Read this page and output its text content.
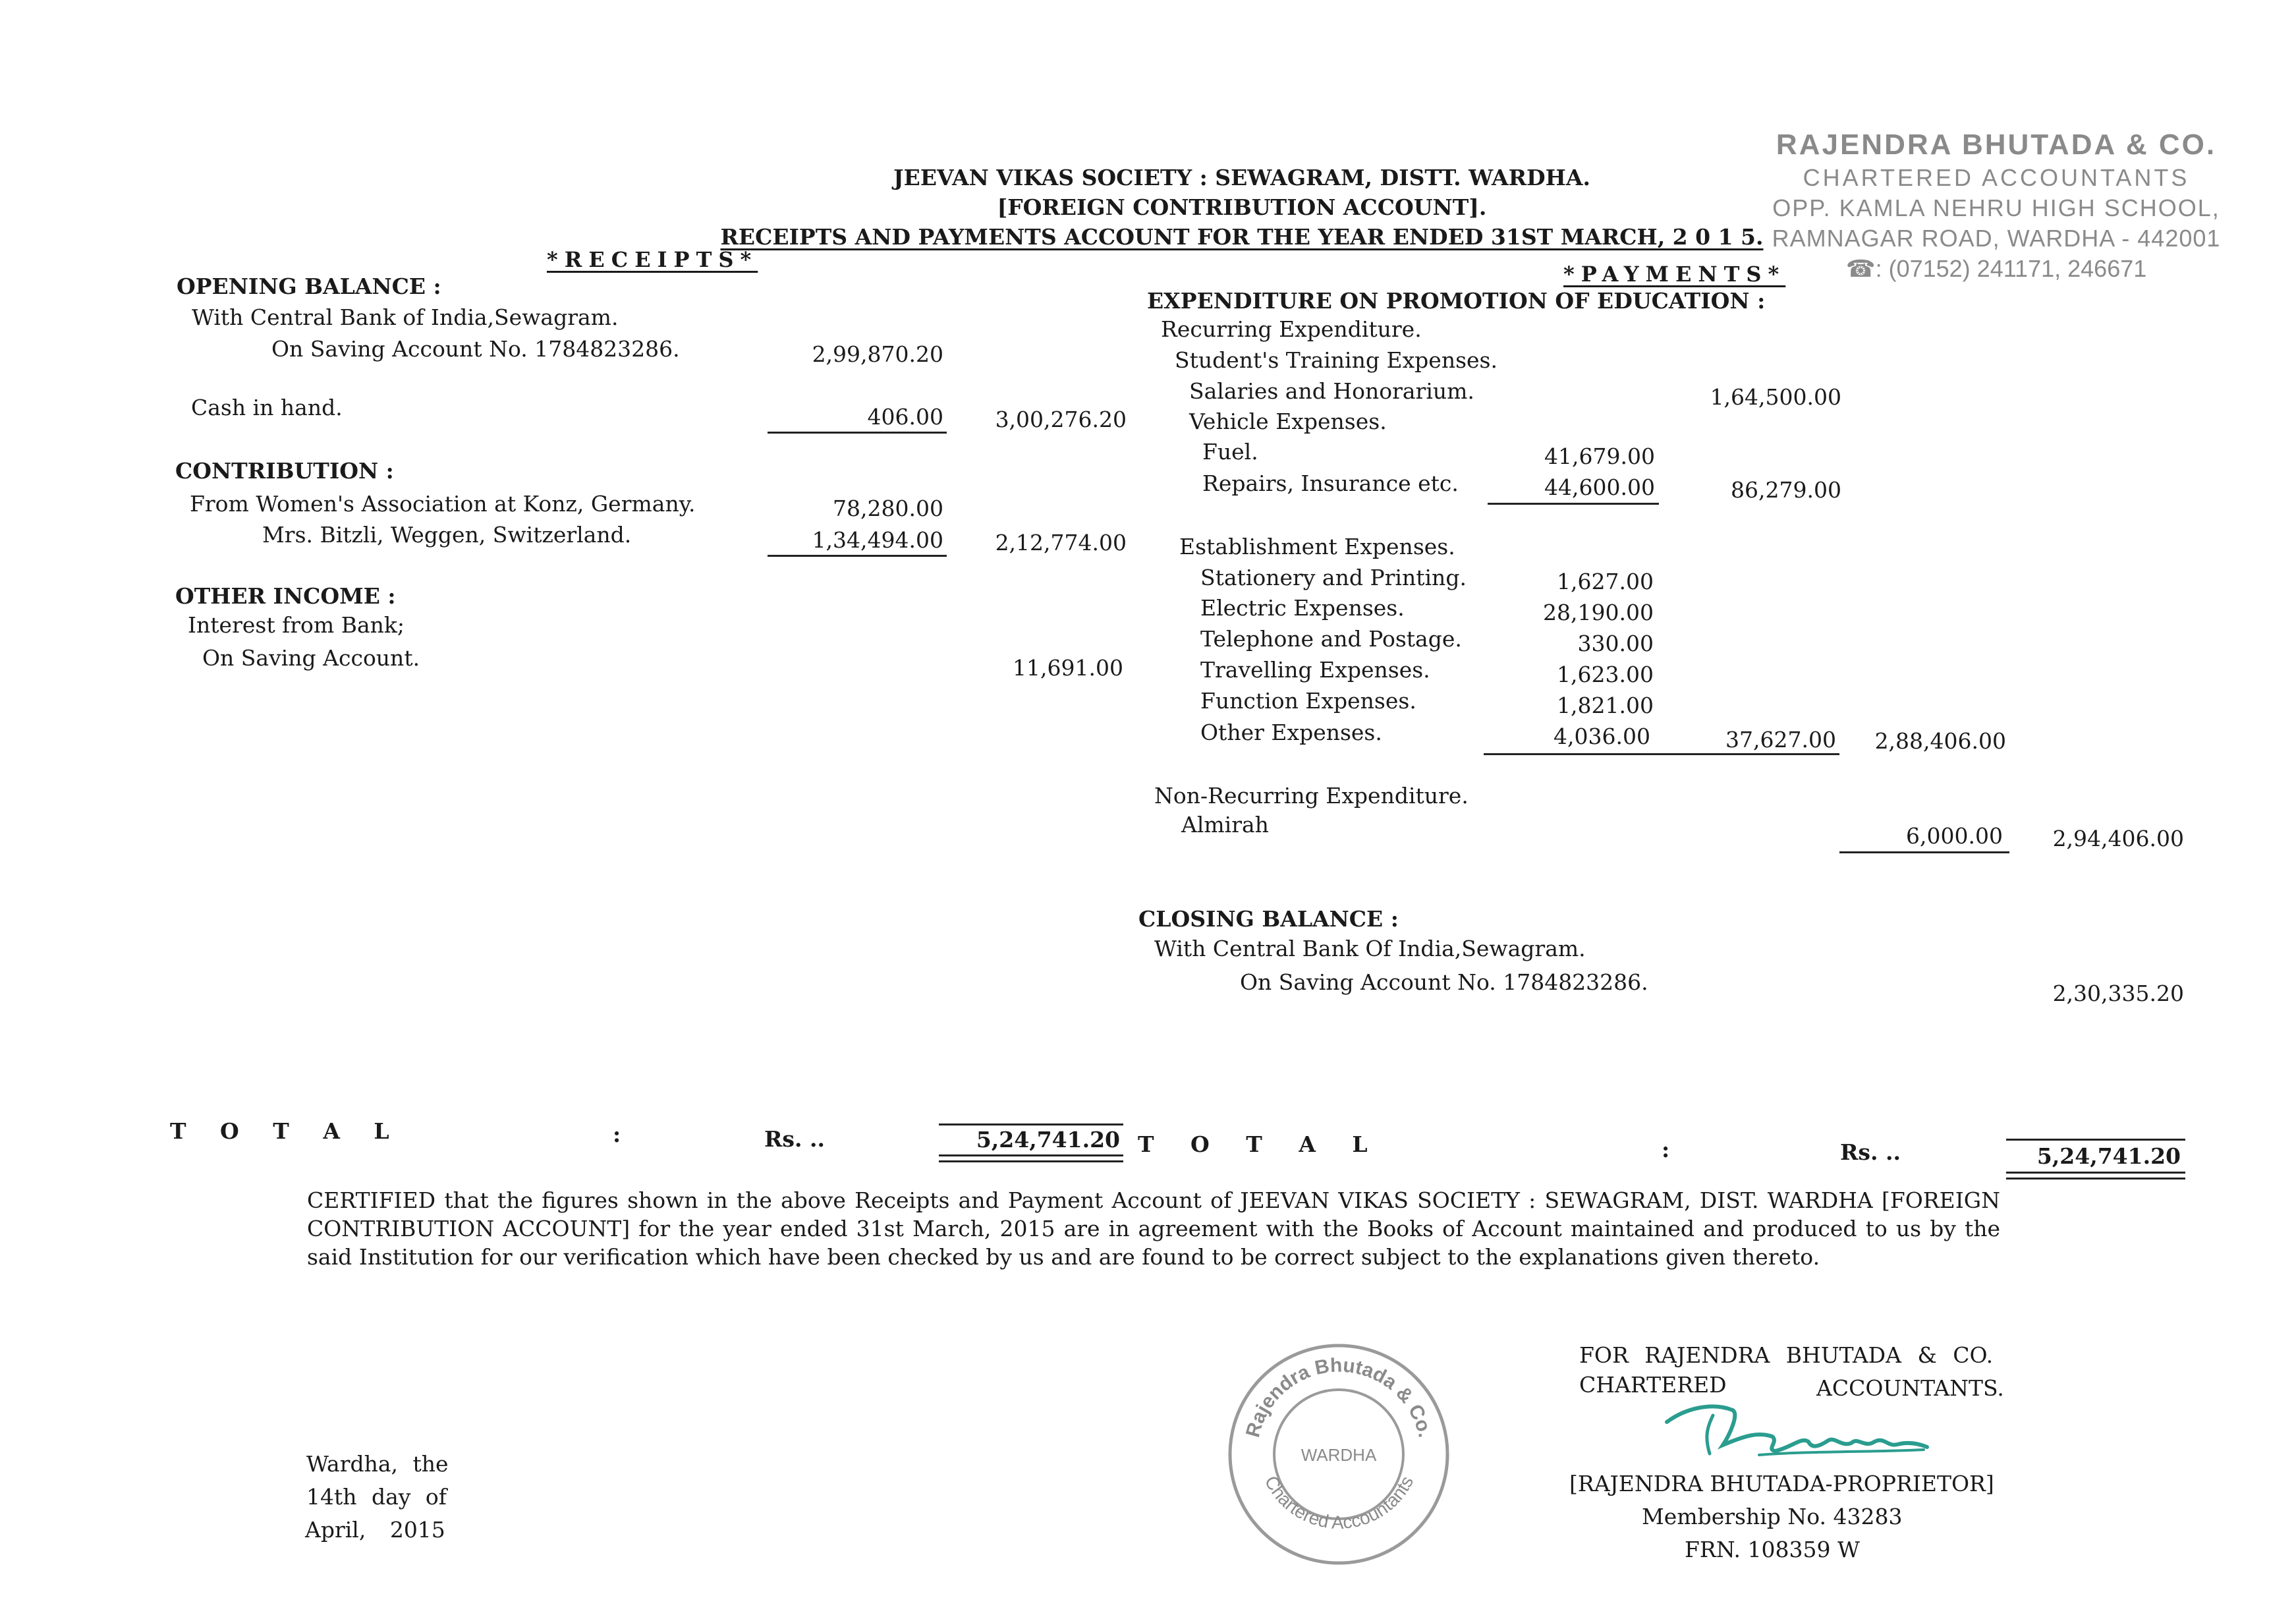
RAJENDRA BHUTADA & CO.
CHARTERED ACCOUNTANTS
OPP. KAMLA NEHRU HIGH SCHOOL,
RAMNAGAR ROAD, WARDHA - 442001
☎: (07152) 241171, 246671
JEEVAN VIKAS SOCIETY : SEWAGRAM, DISTT. WARDHA.
[FOREIGN CONTRIBUTION ACCOUNT].
RECEIPTS AND PAYMENTS ACCOUNT FOR THE YEAR ENDED 31ST MARCH, 2 0 1 5.
*RECEIPTS*
*PAYMENTS*
OPENING BALANCE :
With Central Bank of India,Sewagram.
On Saving Account No. 1784823286.	2,99,870.20
Cash in hand.	406.00	3,00,276.20
CONTRIBUTION :
From Women's Association at Konz, Germany.	78,280.00
Mrs. Bitzli, Weggen, Switzerland.	1,34,494.00	2,12,774.00
OTHER INCOME :
Interest from Bank;
On Saving Account.	11,691.00
EXPENDITURE ON PROMOTION OF EDUCATION :
Recurring Expenditure.
Student's Training Expenses.
Salaries and Honorarium.	1,64,500.00
Vehicle Expenses.
Fuel.	41,679.00
Repairs, Insurance etc.	44,600.00	86,279.00
Establishment Expenses.
Stationery and Printing.	1,627.00
Electric Expenses.	28,190.00
Telephone and Postage.	330.00
Travelling Expenses.	1,623.00
Function Expenses.	1,821.00
Other Expenses.	4,036.00	37,627.00	2,88,406.00
Non-Recurring Expenditure.
Almirah	6,000.00	2,94,406.00
CLOSING BALANCE :
With Central Bank Of India,Sewagram.
On Saving Account No. 1784823286.	2,30,335.20
T O T A L	:	Rs. ..	5,24,741.20 T O T A L	:	Rs. ..	5,24,741.20
CERTIFIED that the figures shown in the above Receipts and Payment Account of JEEVAN VIKAS SOCIETY : SEWAGRAM, DIST. WARDHA [FOREIGN CONTRIBUTION ACCOUNT] for the year ended 31st March, 2015 are in agreement with the Books of Account maintained and produced to us by the said Institution for our verification which have been checked by us and are found to be correct subject to the explanations given thereto.
Wardha, the
14th day of
April, 2015
Rajendra Bhutada & Co.
Chartered Accountants
WARDHA
FOR RAJENDRA BHUTADA & CO.
CHARTERED	ACCOUNTANTS.
[RAJENDRA BHUTADA-PROPRIETOR]
Membership No. 43283
FRN. 108359 W
